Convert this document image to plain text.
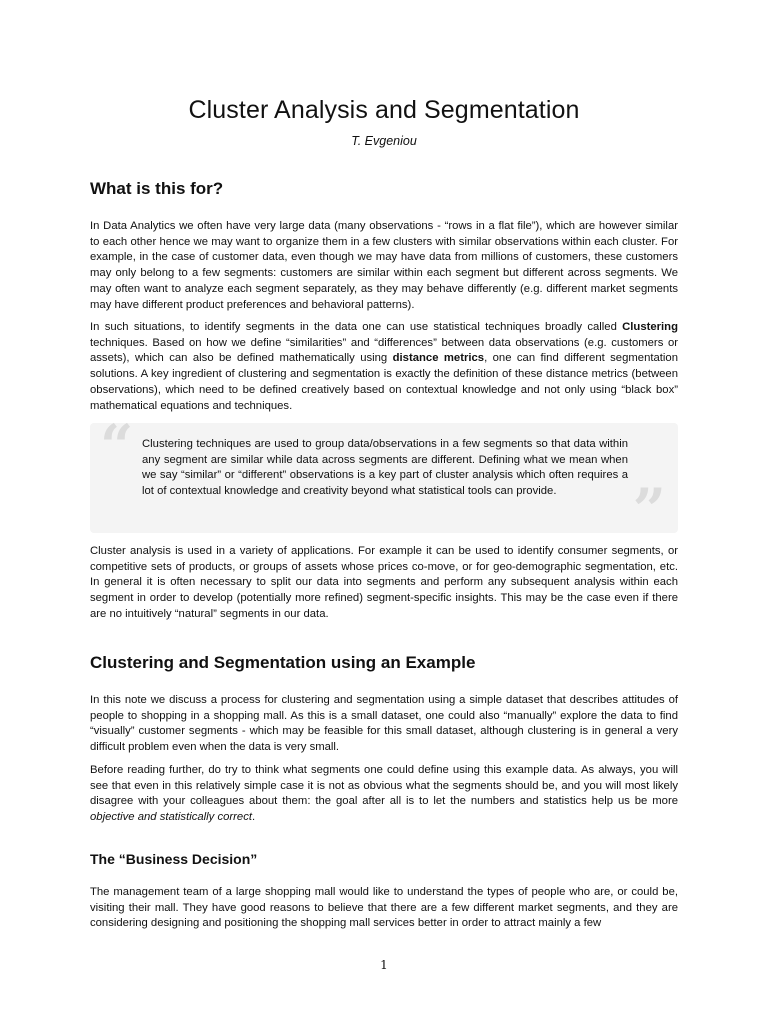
Cluster Analysis and Segmentation
T. Evgeniou
What is this for?

In Data Analytics we often have very large data (many observations - “rows in a flat file”), which are however similar to each other hence we may want to organize them in a few clusters with similar observations within each cluster. For example, in the case of customer data, even though we may have data from millions of customers, these customers may only belong to a few segments: customers are similar within each segment but different across segments. We may often want to analyze each segment separately, as they may behave differently (e.g. different market segments may have different product preferences and behavioral patterns).

In such situations, to identify segments in the data one can use statistical techniques broadly called Clustering techniques. Based on how we define “similarities” and “differences” between data observations (e.g. customers or assets), which can also be defined mathematically using distance metrics, one can find different segmentation solutions. A key ingredient of clustering and segmentation is exactly the definition of these distance metrics (between observations), which need to be defined creatively based on contextual knowledge and not only using “black box” mathematical equations and techniques.

“ Clustering techniques are used to group data/observations in a few segments so that data within any segment are similar while data across segments are different. Defining what we mean when we say “similar” or “different” observations is a key part of cluster analysis which often requires a lot of contextual knowledge and creativity beyond what statistical tools can provide.	”

Cluster analysis is used in a variety of applications. For example it can be used to identify consumer segments, or competitive sets of products, or groups of assets whose prices co-move, or for geo-demographic segmentation, etc. In general it is often necessary to split our data into segments and perform any subsequent analysis within each segment in order to develop (potentially more refined) segment-specific insights. This may be the case even if there are no intuitively “natural” segments in our data.

Clustering and Segmentation using an Example

In this note we discuss a process for clustering and segmentation using a simple dataset that describes attitudes of people to shopping in a shopping mall. As this is a small dataset, one could also “manually” explore the data to find “visually” customer segments - which may be feasible for this small dataset, although clustering is in general a very difficult problem even when the data is very small.

Before reading further, do try to think what segments one could define using this example data. As always, you will see that even in this relatively simple case it is not as obvious what the segments should be, and you will most likely disagree with your colleagues about them: the goal after all is to let the numbers and statistics help us be more objective and statistically correct.

The “Business Decision”

The management team of a large shopping mall would like to understand the types of people who are, or could be, visiting their mall. They have good reasons to believe that there are a few different market segments, and they are considering designing and positioning the shopping mall services better in order to attract mainly a few

1
